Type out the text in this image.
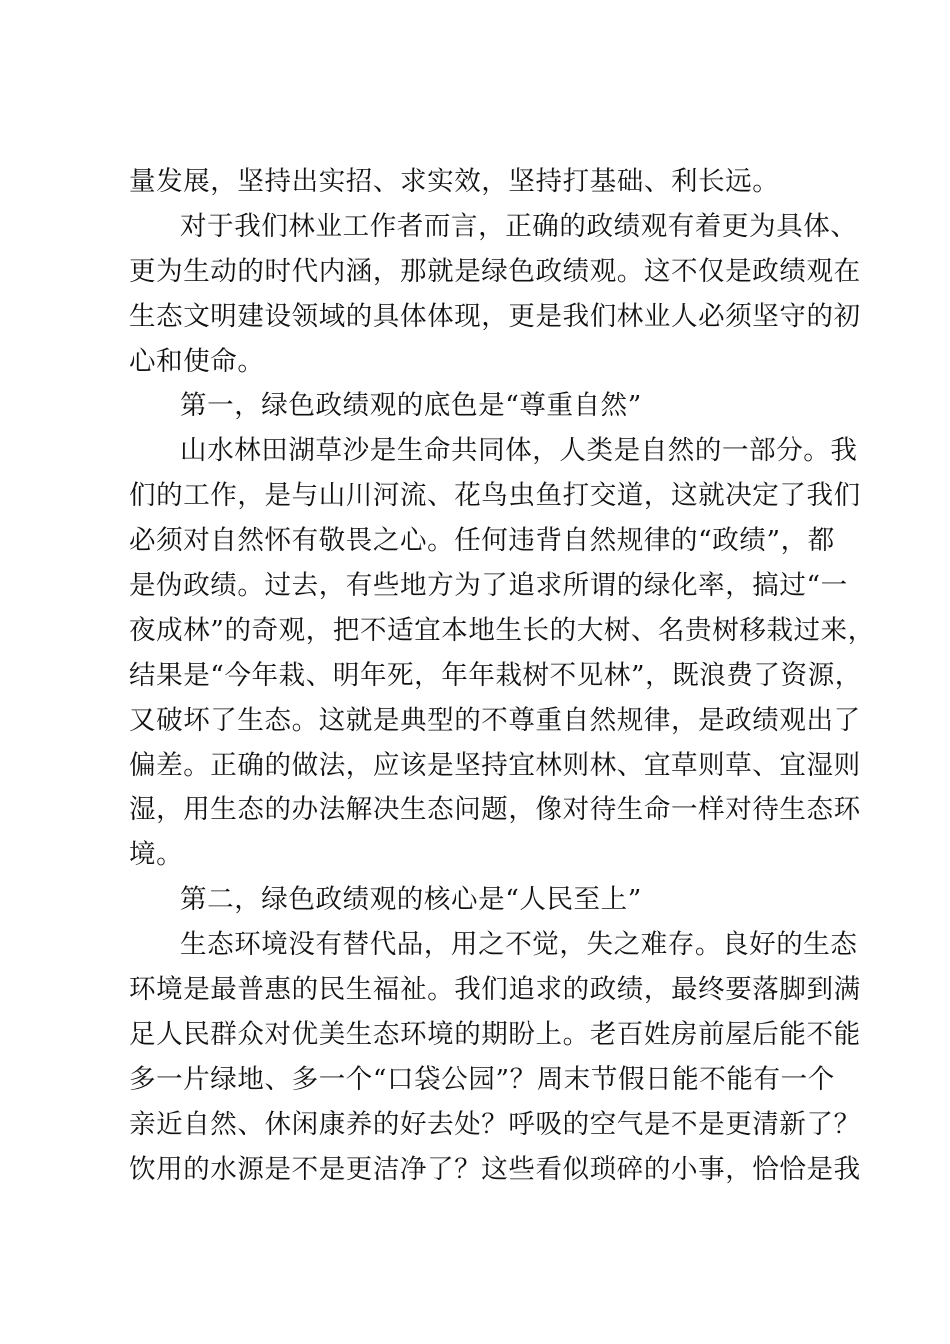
量发展，坚持出实招、求实效，坚持打基础、利长远。
对于我们林业工作者而言，正确的政绩观有着更为具体、
更为生动的时代内涵，那就是绿色政绩观。这不仅是政绩观在
生态文明建设领域的具体体现，更是我们林业人必须坚守的初
心和使命。
第一，绿色政绩观的底色是“尊重自然”
山水林田湖草沙是生命共同体，人类是自然的一部分。我
们的工作，是与山川河流、花鸟虫鱼打交道，这就决定了我们
必须对自然怀有敬畏之心。任何违背自然规律的“政绩”，都
是伪政绩。过去，有些地方为了追求所谓的绿化率，搞过“一
夜成林”的奇观，把不适宜本地生长的大树、名贵树移栽过来，
结果是“今年栽、明年死，年年栽树不见林”，既浪费了资源，
又破坏了生态。这就是典型的不尊重自然规律，是政绩观出了
偏差。正确的做法，应该是坚持宜林则林、宜草则草、宜湿则
湿，用生态的办法解决生态问题，像对待生命一样对待生态环
境。
第二，绿色政绩观的核心是“人民至上”
生态环境没有替代品，用之不觉，失之难存。良好的生态
环境是最普惠的民生福祉。我们追求的政绩，最终要落脚到满
足人民群众对优美生态环境的期盼上。老百姓房前屋后能不能
多一片绿地、多一个“口袋公园”？周末节假日能不能有一个
亲近自然、休闲康养的好去处？呼吸的空气是不是更清新了？
饮用的水源是不是更洁净了？这些看似琐碎的小事，恰恰是我
